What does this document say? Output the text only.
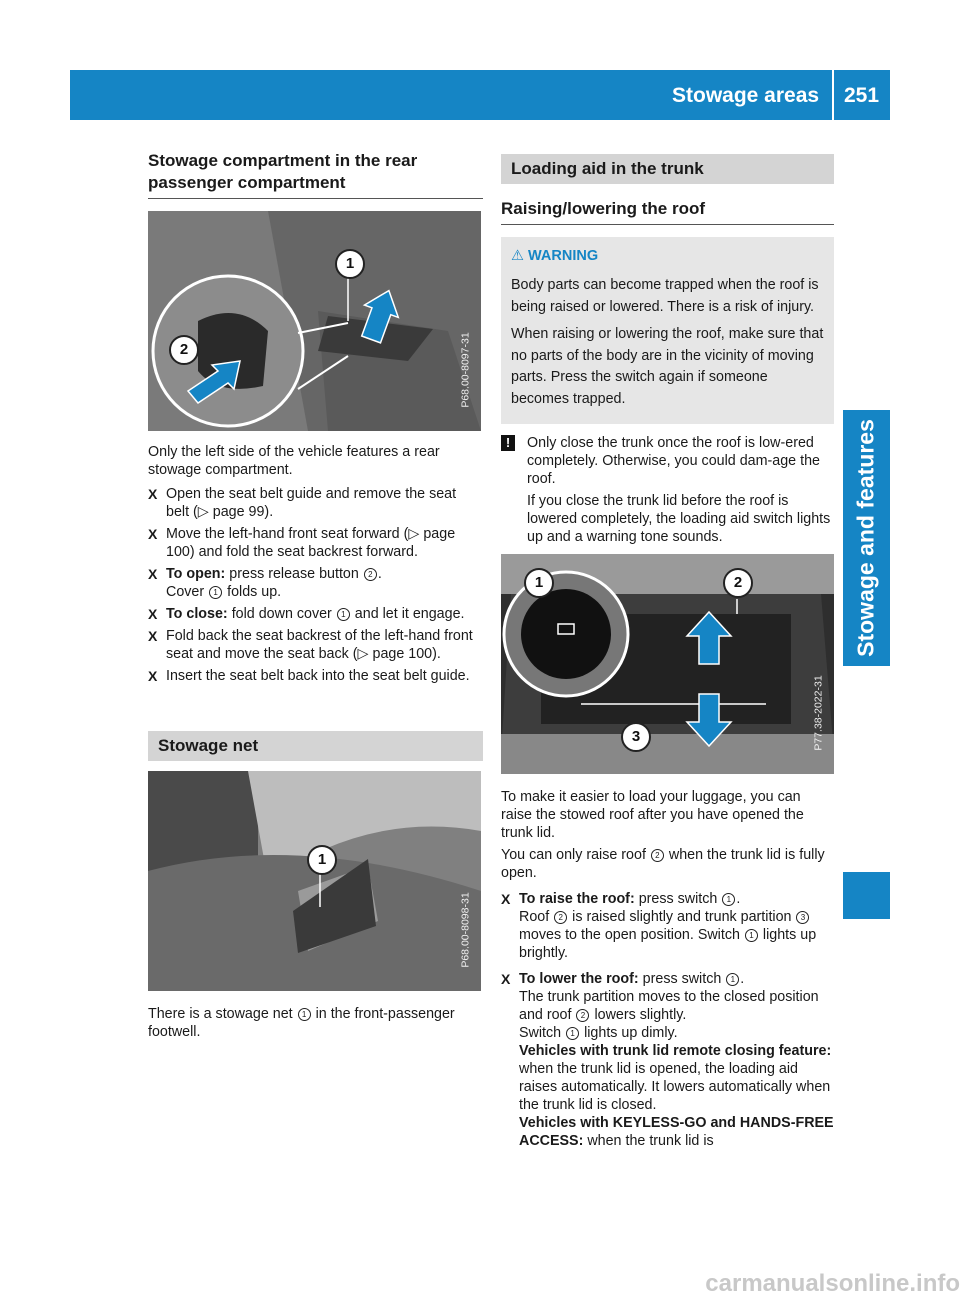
Stowage areas 251
Stowage and features
Stowage compartment in the rear passenger compartment
1
2	P68.00-8097-31

Only the left side of the vehicle features a rear stowage compartment.

X Open the seat belt guide and remove the seat belt (▷ page 99).
X Move the left-hand front seat forward (▷ page 100) and fold the seat backrest forward.
X To open: press release button 2 .
Cover 1 folds up.
X To close: fold down cover 1 and let it engage.
X Fold back the seat backrest of the left-hand front seat and move the seat back (▷ page 100).
X Insert the seat belt back into the seat belt guide.
Stowage net
1
P68.00-8098-31

There is a stowage net 1 in the front-passenger footwell.

Loading aid in the trunk
Raising/lowering the roof
⚠ WARNING

Body parts can become trapped when the roof is being raised or lowered. There is a risk of injury.

When raising or lowering the roof, make sure that no parts of the body are in the vicinity of moving parts. Press the switch again if someone becomes trapped.

!	Only close the trunk once the roof is low-ered completely. Otherwise, you could dam-age the roof.

If you close the trunk lid before the roof is lowered completely, the loading aid switch lights up and a warning tone sounds.

1	2
3	P77.38-2022-31

To make it easier to load your luggage, you can raise the stowed roof after you have opened the trunk lid.

You can only raise roof 2 when the trunk lid is fully open.

X To raise the roof: press switch 1 .
Roof 2 is raised slightly and trunk partition 3 moves to the open position. Switch 1 lights up brightly.
X To lower the roof: press switch 1 .
The trunk partition moves to the closed position and roof 2 lowers slightly.
Switch 1 lights up dimly.
Vehicles with trunk lid remote closing feature: when the trunk lid is opened, the loading aid raises automatically. It lowers automatically when the trunk lid is closed.
Vehicles with KEYLESS-GO and HANDS-FREE ACCESS: when the trunk lid is
carmanualsonline.info
